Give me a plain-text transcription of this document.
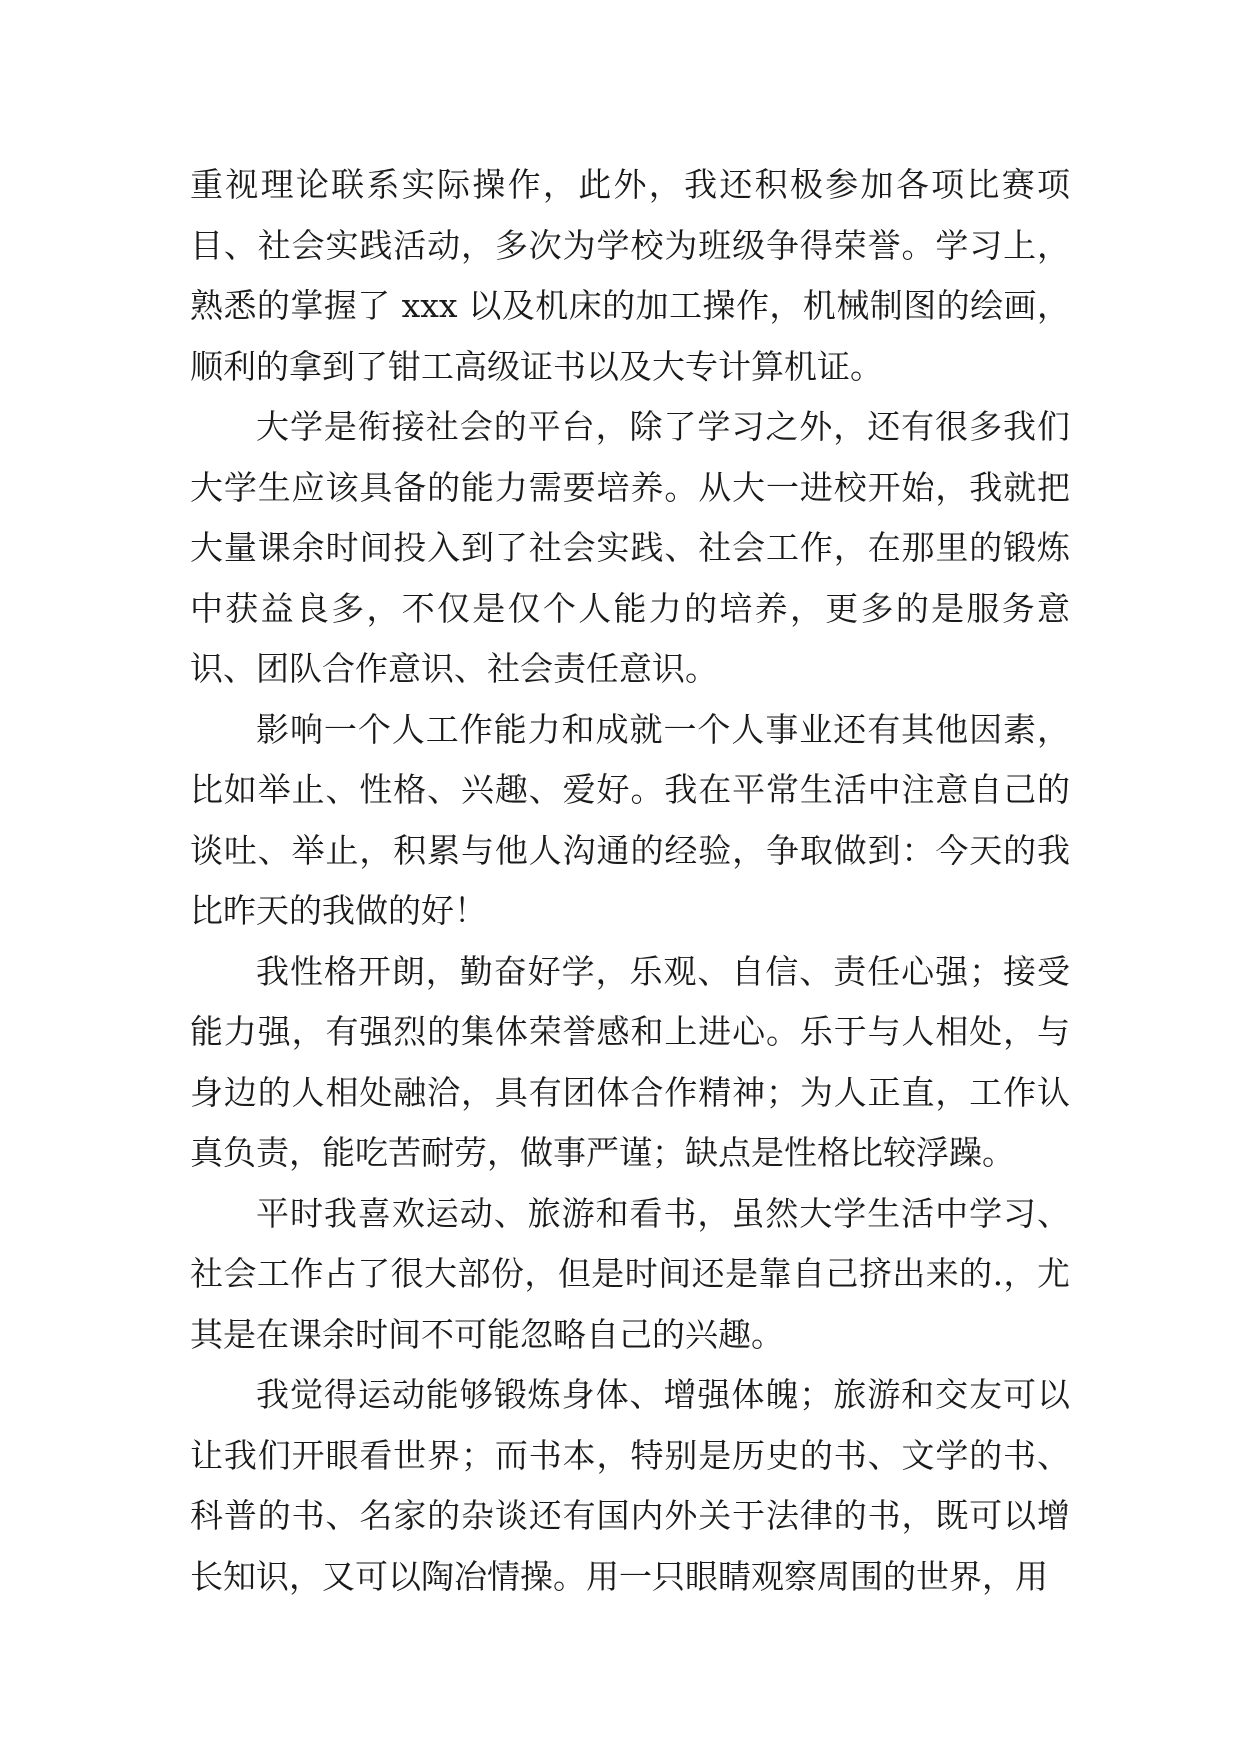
重视理论联系实际操作，此外，我还积极参加各项比赛项目、社会实践活动，多次为学校为班级争得荣誉。学习上，熟悉的掌握了 xxx 以及机床的加工操作，机械制图的绘画，顺利的拿到了钳工高级证书以及大专计算机证。

大学是衔接社会的平台，除了学习之外，还有很多我们大学生应该具备的能力需要培养。从大一进校开始，我就把大量课余时间投入到了社会实践、社会工作，在那里的锻炼中获益良多，不仅是仅个人能力的培养，更多的是服务意识、团队合作意识、社会责任意识。

影响一个人工作能力和成就一个人事业还有其他因素，比如举止、性格、兴趣、爱好。我在平常生活中注意自己的谈吐、举止，积累与他人沟通的经验，争取做到：今天的我比昨天的我做的好！

我性格开朗，勤奋好学，乐观、自信、责任心强；接受能力强，有强烈的集体荣誉感和上进心。乐于与人相处，与身边的人相处融洽，具有团体合作精神；为人正直，工作认真负责，能吃苦耐劳，做事严谨；缺点是性格比较浮躁。

平时我喜欢运动、旅游和看书，虽然大学生活中学习、社会工作占了很大部份，但是时间还是靠自己挤出来的.，尤其是在课余时间不可能忽略自己的兴趣。

我觉得运动能够锻炼身体、增强体魄；旅游和交友可以让我们开眼看世界；而书本，特别是历史的书、文学的书、科普的书、名家的杂谈还有国内外关于法律的书，既可以增长知识，又可以陶冶情操。用一只眼睛观察周围的世界，用
